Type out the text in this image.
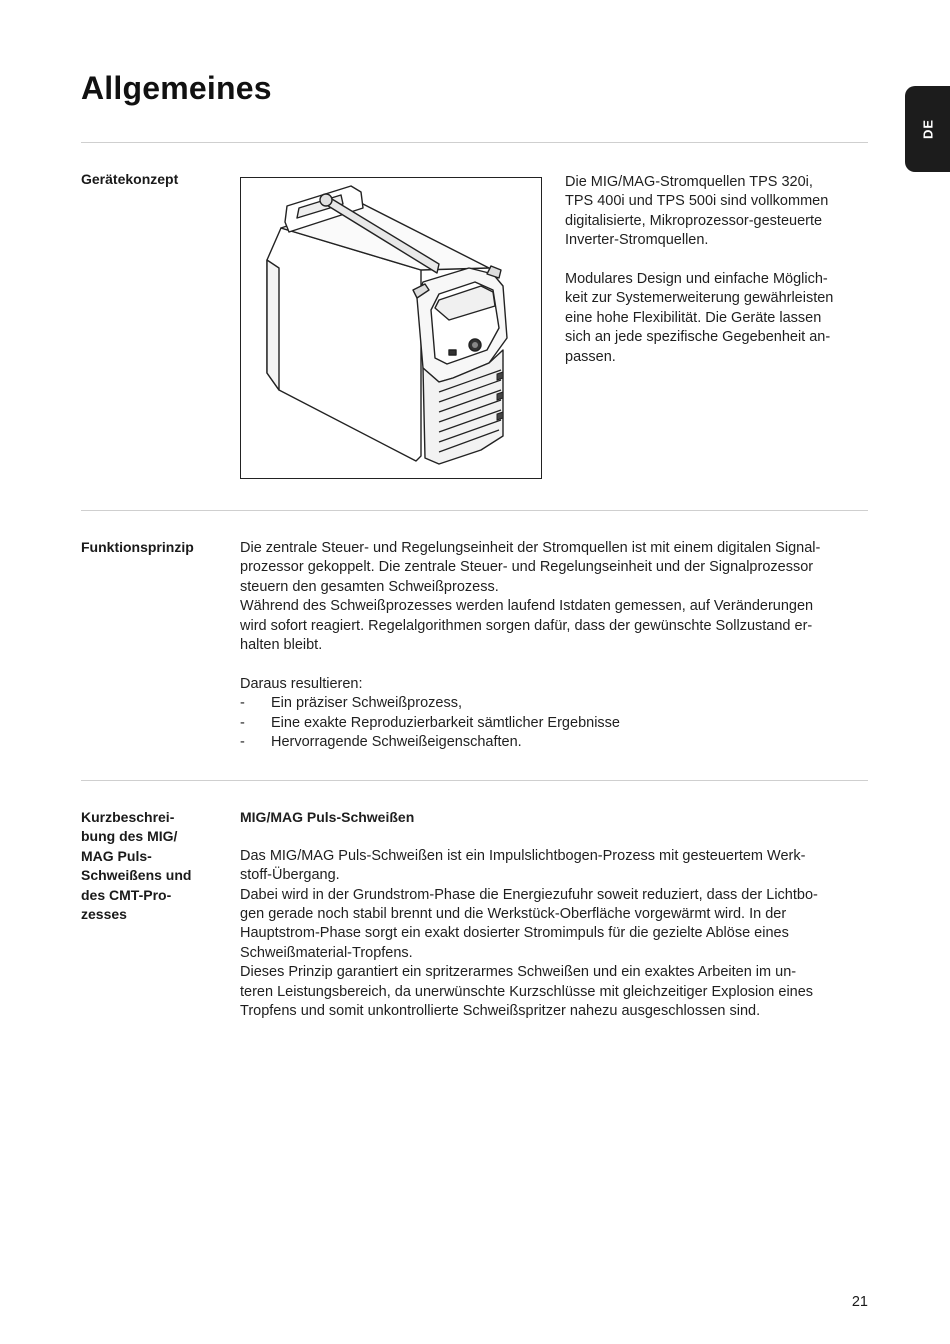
Allgemeines
DE
Gerätekonzept	Die MIG/MAG-Stromquellen TPS 320i,

TPS 400i und TPS 500i sind vollkommen

digitalisierte, Mikroprozessor-gesteuerte

Inverter-Stromquellen.

Modulares Design und einfache Möglich-

keit zur Systemerweiterung gewährleisten

eine hohe Flexibilität. Die Geräte lassen

sich an jede spezifische Gegebenheit an-

passen.

Funktionsprinzip	Die zentrale Steuer- und Regelungseinheit der Stromquellen ist mit einem digitalen Signal-

prozessor gekoppelt. Die zentrale Steuer- und Regelungseinheit und der Signalprozessor

steuern den gesamten Schweißprozess.

Während des Schweißprozesses werden laufend Istdaten gemessen, auf Veränderungen

wird sofort reagiert. Regelalgorithmen sorgen dafür, dass der gewünschte Sollzustand er-

halten bleibt.

Daraus resultieren:

- Ein präziser Schweißprozess,
- Eine exakte Reproduzierbarkeit sämtlicher Ergebnisse
- Hervorragende Schweißeigenschaften.
Kurzbeschrei-
bung des MIG/
MAG Puls-
Schweißens und
des CMT-Pro-
zesses

MIG/MAG Puls-Schweißen

Das MIG/MAG Puls-Schweißen ist ein Impulslichtbogen-Prozess mit gesteuertem Werk-

stoff-Übergang.

Dabei wird in der Grundstrom-Phase die Energiezufuhr soweit reduziert, dass der Lichtbo-

gen gerade noch stabil brennt und die Werkstück-Oberfläche vorgewärmt wird. In der

Hauptstrom-Phase sorgt ein exakt dosierter Stromimpuls für die gezielte Ablöse eines

Schweißmaterial-Tropfens.

Dieses Prinzip garantiert ein spritzerarmes Schweißen und ein exaktes Arbeiten im un-

teren Leistungsbereich, da unerwünschte Kurzschlüsse mit gleichzeitiger Explosion eines

Tropfens und somit unkontrollierte Schweißspritzer nahezu ausgeschlossen sind.

21
